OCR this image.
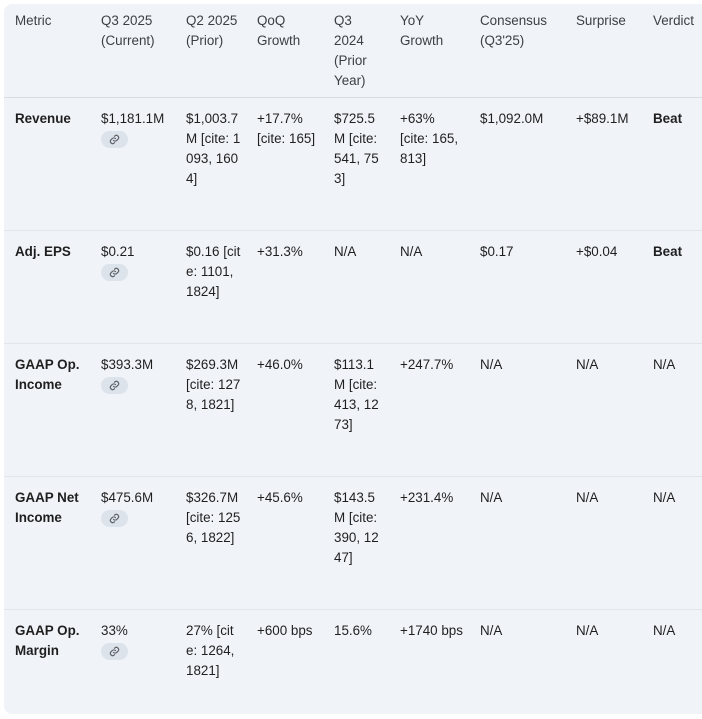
Metric	Q3 2025 (Current)	Q2 2025 (Prior)	QoQ Growth	Q3 2024 (Prior Year)	YoY Growth	Consensus (Q3'25)	Surprise	Verdict
Revenue	$1,181.1M	$1,003.7M [cite: 1093, 1604]	+17.7% [cite: 165]	$725.5M [cite: 541, 753]	+63% [cite: 165, 813]	$1,092.0M	+$89.1M	Beat
Adj. EPS	$0.21	$0.16 [cite: 1101, 1824]	+31.3%	N/A	N/A	$0.17	+$0.04	Beat
GAAP Op. Income	$393.3M	$269.3M [cite: 1278, 1821]	+46.0%	$113.1M [cite: 413, 1273]	+247.7%	N/A	N/A	N/A
GAAP Net Income	$475.6M	$326.7M [cite: 1256, 1822]	+45.6%	$143.5M [cite: 390, 1247]	+231.4%	N/A	N/A	N/A
GAAP Op. Margin	33%	27% [cite: 1264, 1821]	+600 bps	15.6%	+1740 bps	N/A	N/A	N/A
